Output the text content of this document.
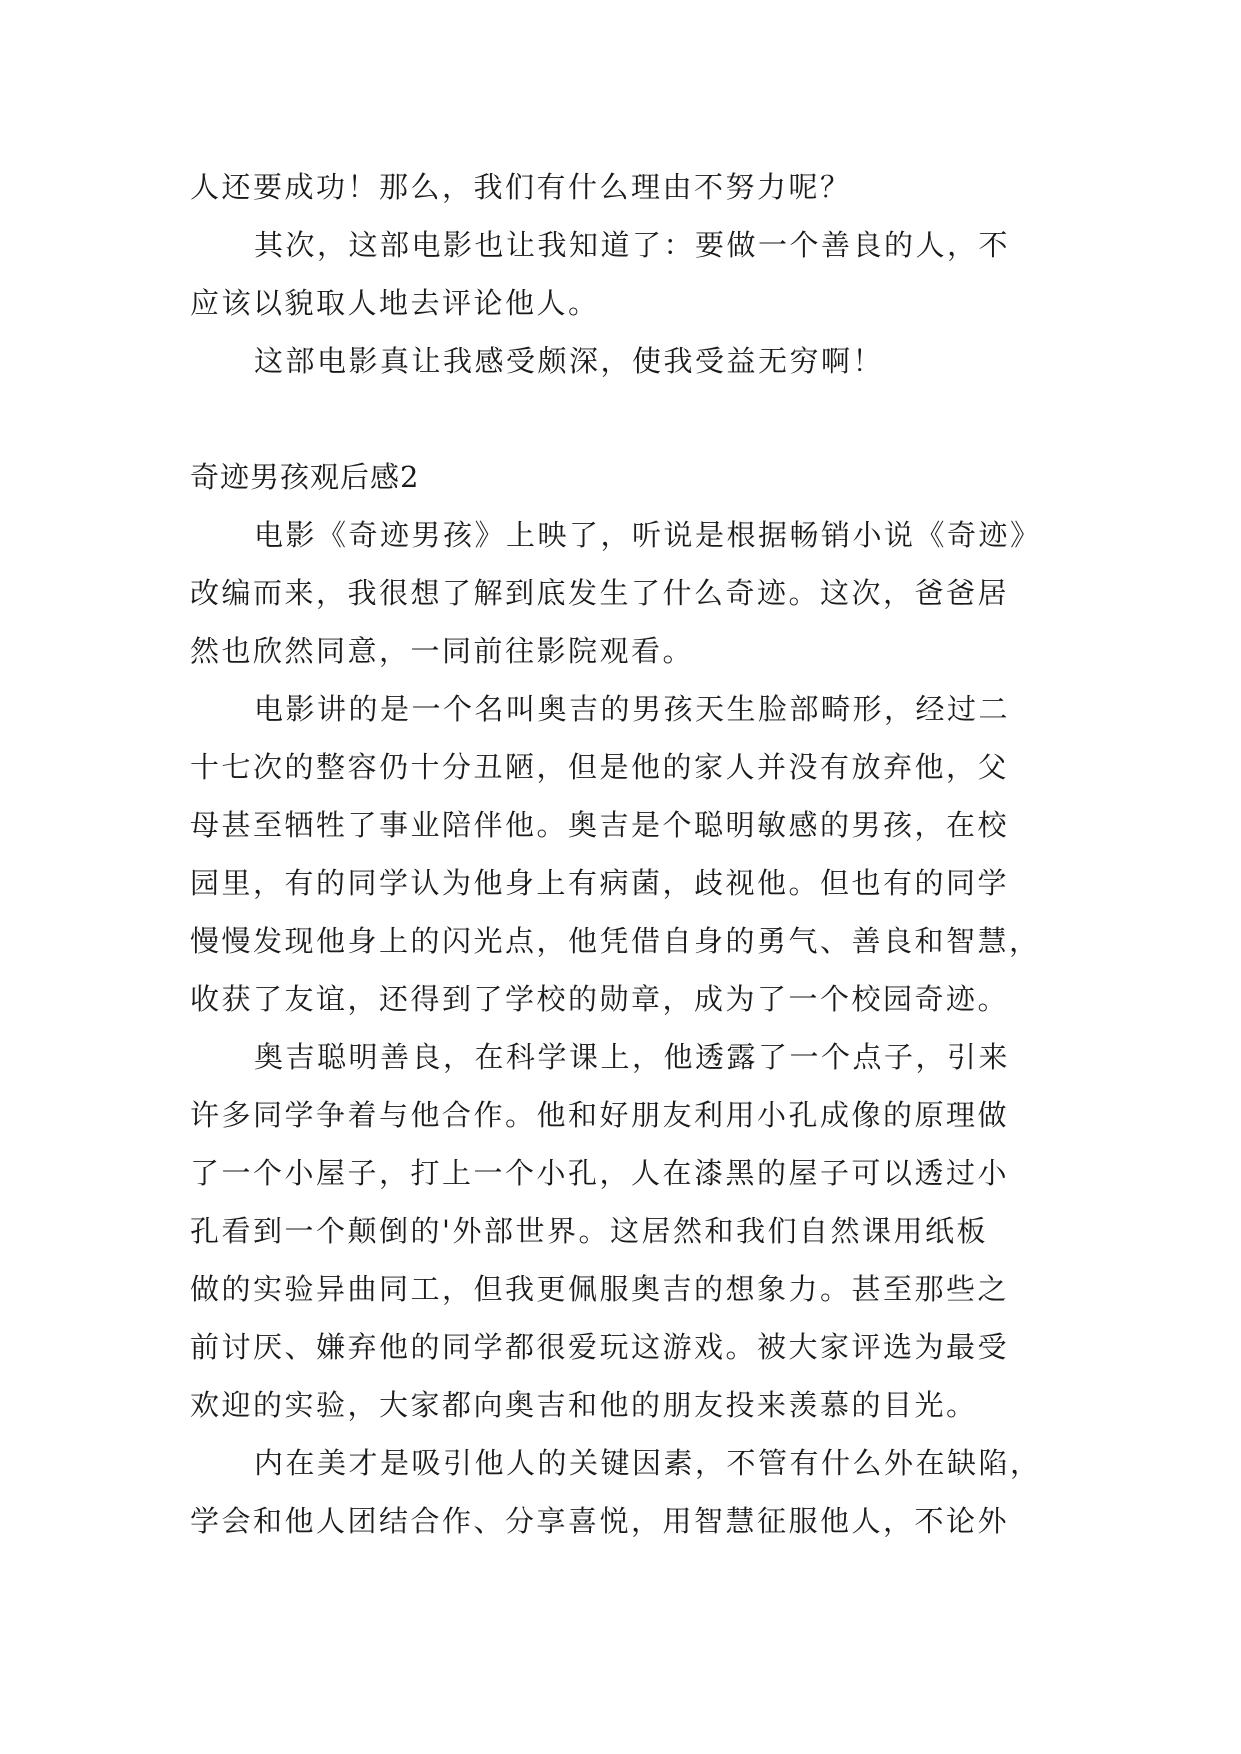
人还要成功！那么，我们有什么理由不努力呢？
其次，这部电影也让我知道了：要做一个善良的人，不
应该以貌取人地去评论他人。
这部电影真让我感受颇深，使我受益无穷啊！
奇迹男孩观后感2
电影《奇迹男孩》上映了，听说是根据畅销小说《奇迹》
改编而来，我很想了解到底发生了什么奇迹。这次，爸爸居
然也欣然同意，一同前往影院观看。
电影讲的是一个名叫奥吉的男孩天生脸部畸形，经过二
十七次的整容仍十分丑陋，但是他的家人并没有放弃他，父
母甚至牺牲了事业陪伴他。奥吉是个聪明敏感的男孩，在校
园里，有的同学认为他身上有病菌，歧视他。但也有的同学
慢慢发现他身上的闪光点，他凭借自身的勇气、善良和智慧，
收获了友谊，还得到了学校的勋章，成为了一个校园奇迹。
奥吉聪明善良，在科学课上，他透露了一个点子，引来
许多同学争着与他合作。他和好朋友利用小孔成像的原理做
了一个小屋子，打上一个小孔，人在漆黑的屋子可以透过小
孔看到一个颠倒的'外部世界。这居然和我们自然课用纸板
做的实验异曲同工，但我更佩服奥吉的想象力。甚至那些之
前讨厌、嫌弃他的同学都很爱玩这游戏。被大家评选为最受
欢迎的实验，大家都向奥吉和他的朋友投来羡慕的目光。
内在美才是吸引他人的关键因素，不管有什么外在缺陷，
学会和他人团结合作、分享喜悦，用智慧征服他人，不论外
